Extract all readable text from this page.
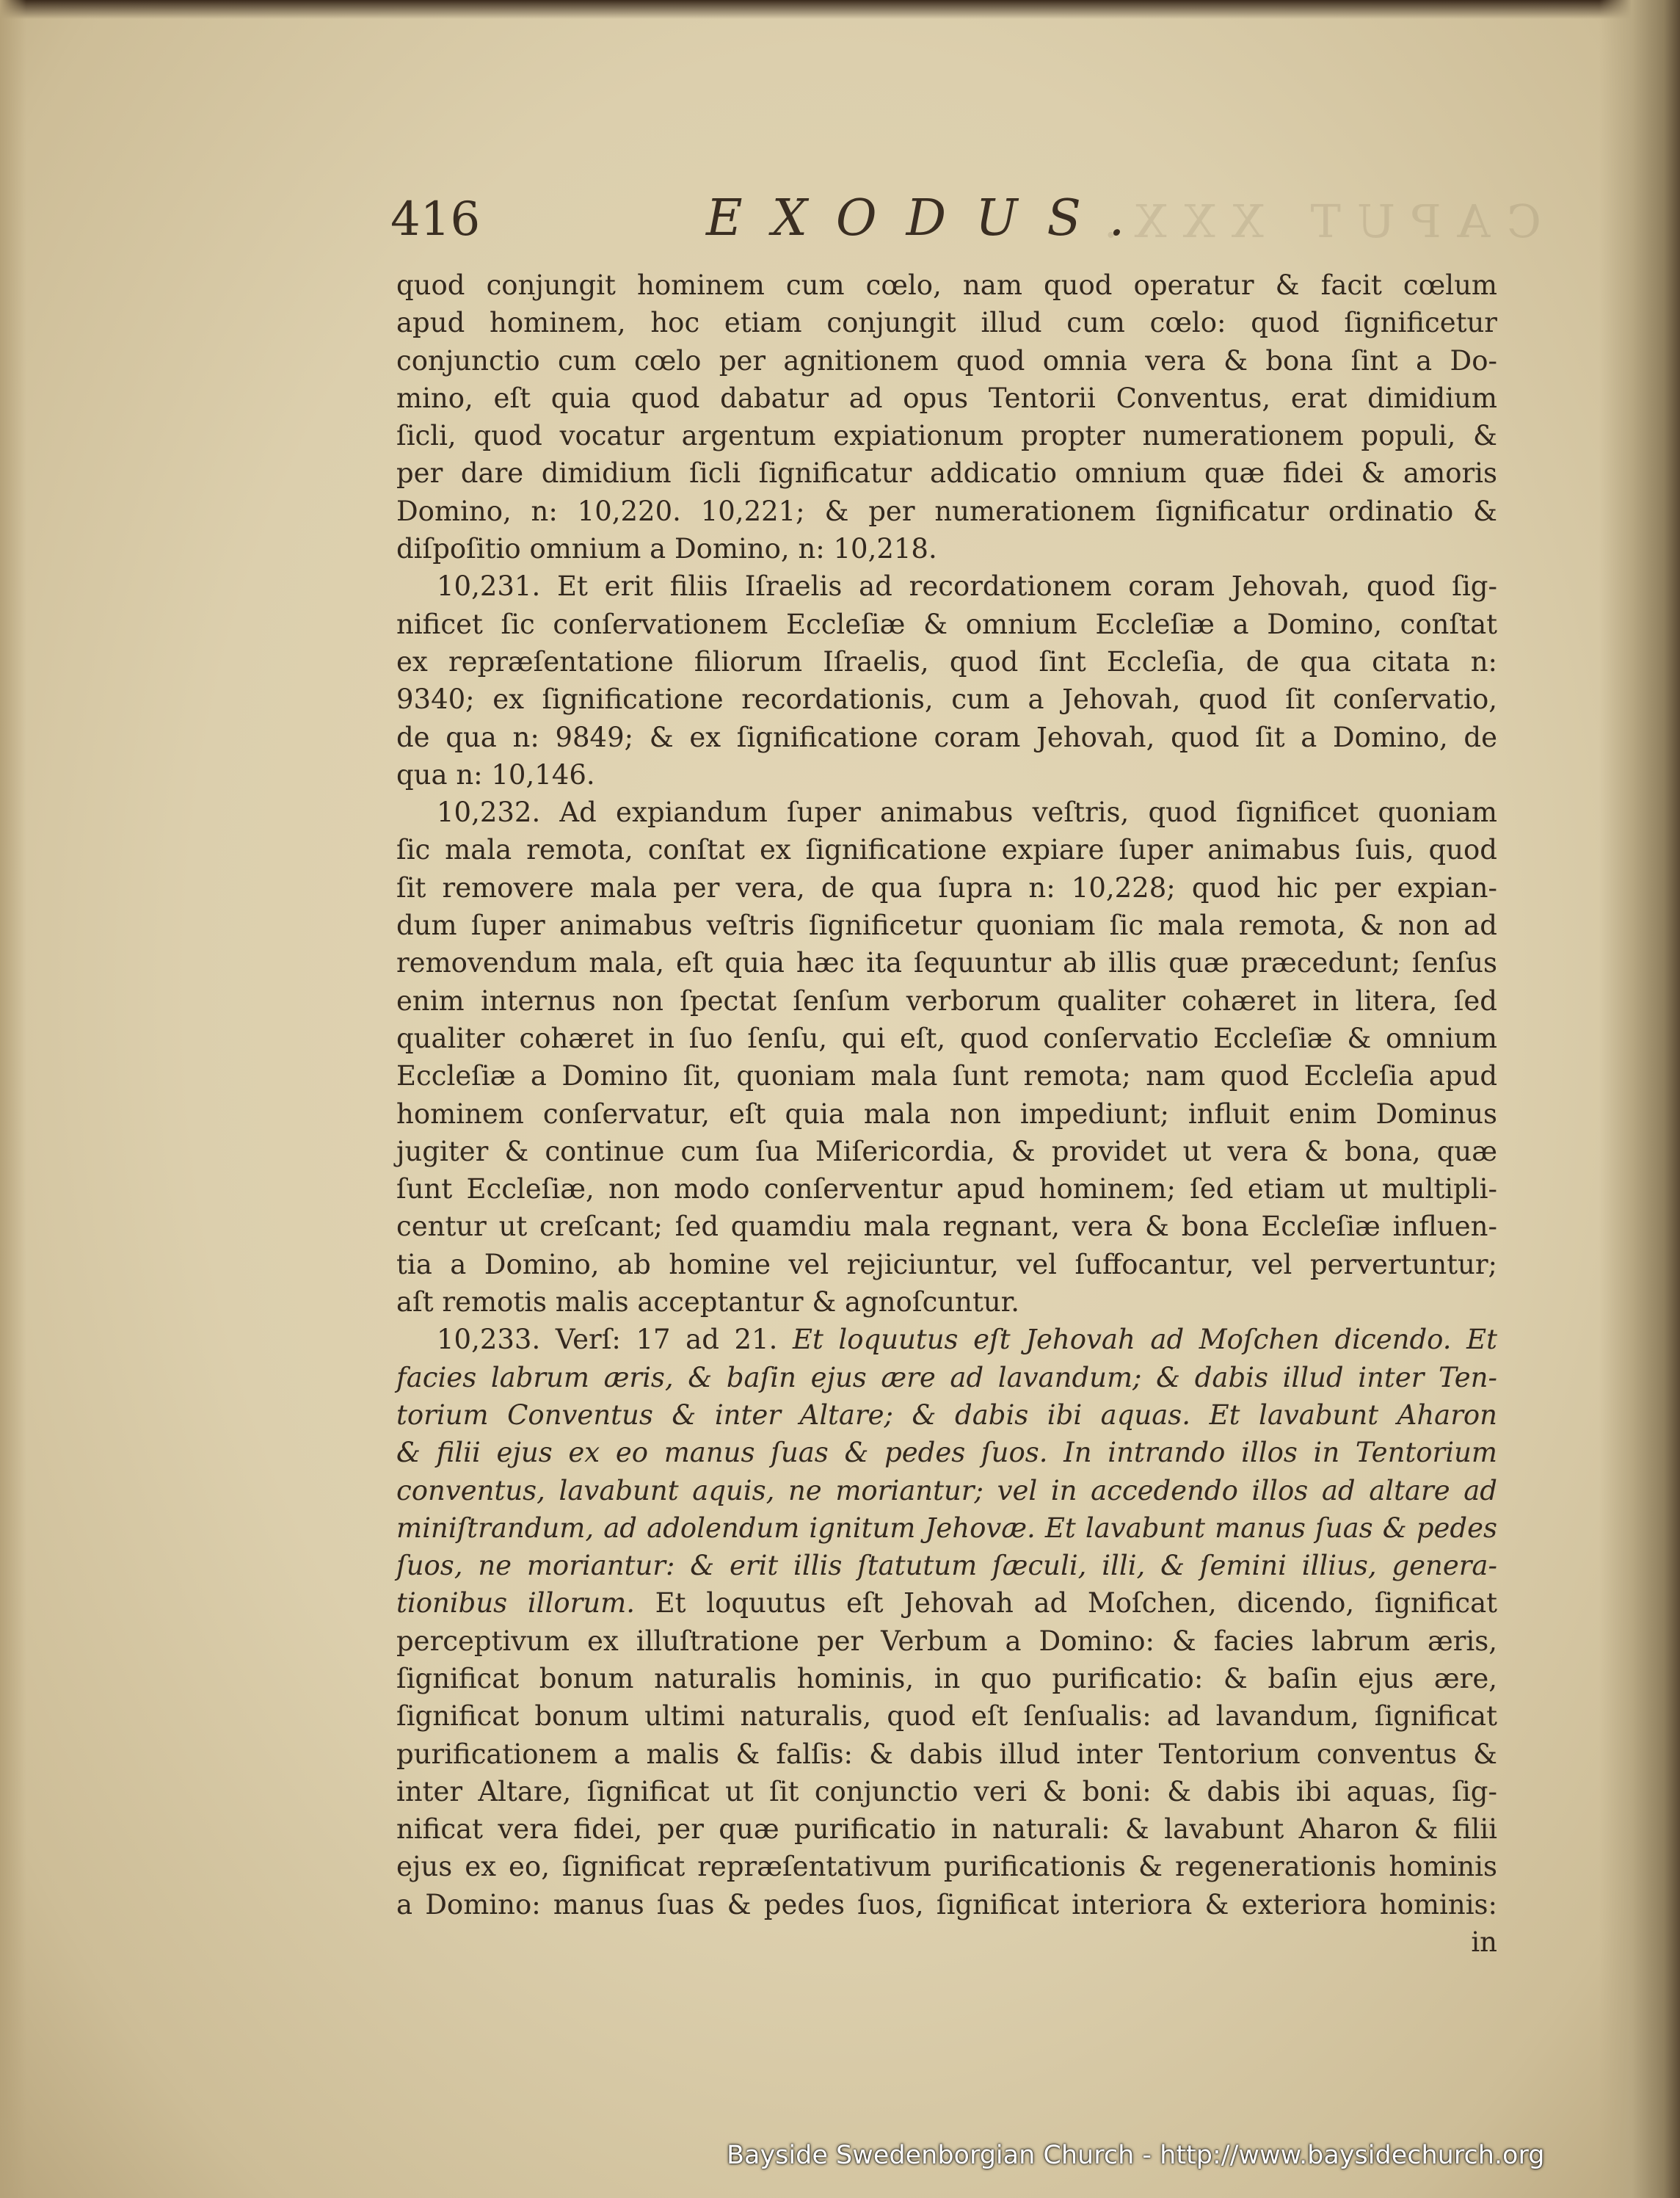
CAPUT XXX.
416	EXODUS.
quod conjungit hominem cum cœlo, nam quod operatur & facit cœlum
apud hominem, hoc etiam conjungit illud cum cœlo: quod ſignificetur
conjunctio cum cœlo per agnitionem quod omnia vera & bona ſint a Do-
mino, eſt quia quod dabatur ad opus Tentorii Conventus, erat dimidium
ſicli, quod vocatur argentum expiationum propter numerationem populi, &
per dare dimidium ſicli ſignificatur addicatio omnium quæ fidei & amoris
Domino, n: 10,220. 10,221; & per numerationem ſignificatur ordinatio &
diſpoſitio omnium a Domino, n: 10,218.
10,231. Et erit filiis Iſraelis ad recordationem coram Jehovah, quod ſig-
nificet ſic conſervationem Eccleſiæ & omnium Eccleſiæ a Domino, conſtat
ex repræſentatione filiorum Iſraelis, quod ſint Eccleſia, de qua citata n:
9340; ex ſignificatione recordationis, cum a Jehovah, quod ſit conſervatio,
de qua n: 9849; & ex ſignificatione coram Jehovah, quod ſit a Domino, de
qua n: 10,146.
10,232. Ad expiandum ſuper animabus veſtris, quod ſignificet quoniam
ſic mala remota, conſtat ex ſignificatione expiare ſuper animabus ſuis, quod
ſit removere mala per vera, de qua ſupra n: 10,228; quod hic per expian-
dum ſuper animabus veſtris ſignificetur quoniam ſic mala remota, & non ad
removendum mala, eſt quia hæc ita ſequuntur ab illis quæ præcedunt; ſenſus
enim internus non ſpectat ſenſum verborum qualiter cohæret in litera, ſed
qualiter cohæret in ſuo ſenſu, qui eſt, quod conſervatio Eccleſiæ & omnium
Eccleſiæ a Domino ſit, quoniam mala ſunt remota; nam quod Eccleſia apud
hominem conſervatur, eſt quia mala non impediunt; influit enim Dominus
jugiter & continue cum ſua Miſericordia, & providet ut vera & bona, quæ
ſunt Eccleſiæ, non modo conſerventur apud hominem; ſed etiam ut multipli-
centur ut creſcant; ſed quamdiu mala regnant, vera & bona Eccleſiæ influen-
tia a Domino, ab homine vel rejiciuntur, vel ſuffocantur, vel pervertuntur;
aſt remotis malis acceptantur & agnoſcuntur.
10,233. Verſ: 17 ad 21. Et loquutus eſt Jehovah ad Moſchen dicendo. Et
facies labrum æris, & baſin ejus ære ad lavandum; & dabis illud inter Ten-
torium Conventus & inter Altare; & dabis ibi aquas. Et lavabunt Aharon
& filii ejus ex eo manus ſuas & pedes ſuos. In intrando illos in Tentorium
conventus, lavabunt aquis, ne moriantur; vel in accedendo illos ad altare ad
miniſtrandum, ad adolendum ignitum Jehovæ. Et lavabunt manus ſuas & pedes
ſuos, ne moriantur: & erit illis ſtatutum ſæculi, illi, & ſemini illius, genera-
tionibus illorum. Et loquutus eſt Jehovah ad Moſchen, dicendo, ſignificat
perceptivum ex illuſtratione per Verbum a Domino: & facies labrum æris,
ſignificat bonum naturalis hominis, in quo purificatio: & baſin ejus ære,
ſignificat bonum ultimi naturalis, quod eſt ſenſualis: ad lavandum, ſignificat
purificationem a malis & falſis: & dabis illud inter Tentorium conventus &
inter Altare, ſignificat ut ſit conjunctio veri & boni: & dabis ibi aquas, ſig-
nificat vera fidei, per quæ purificatio in naturali: & lavabunt Aharon & filii
ejus ex eo, ſignificat repræſentativum purificationis & regenerationis hominis
a Domino: manus ſuas & pedes ſuos, ſignificat interiora & exteriora hominis:
in
Bayside Swedenborgian Church - http://www.baysidechurch.org
